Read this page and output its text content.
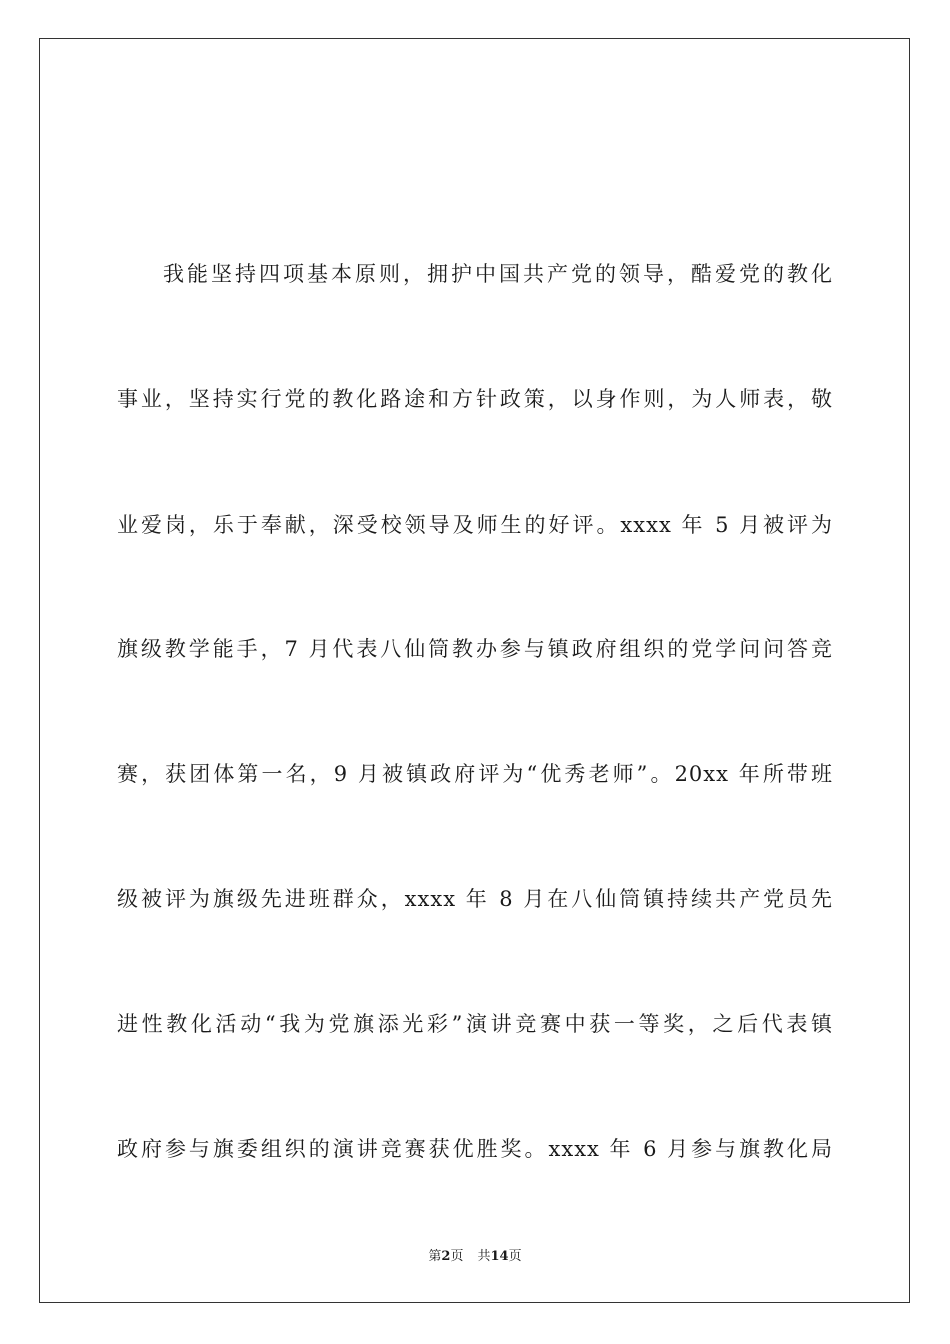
我能坚持四项基本原则，拥护中国共产党的领导，酷爱党的教化
事业，坚持实行党的教化路途和方针政策，以身作则，为人师表，敬
业爱岗，乐于奉献，深受校领导及师生的好评。xxxx 年 5 月被评为
旗级教学能手，7 月代表八仙筒教办参与镇政府组织的党学问问答竞
赛，获团体第一名，9 月被镇政府评为“优秀老师”。20xx 年所带班
级被评为旗级先进班群众，xxxx 年 8 月在八仙筒镇持续共产党员先
进性教化活动“我为党旗添光彩”演讲竞赛中获一等奖，之后代表镇
政府参与旗委组织的演讲竞赛获优胜奖。xxxx 年 6 月参与旗教化局
第2页 共14页
